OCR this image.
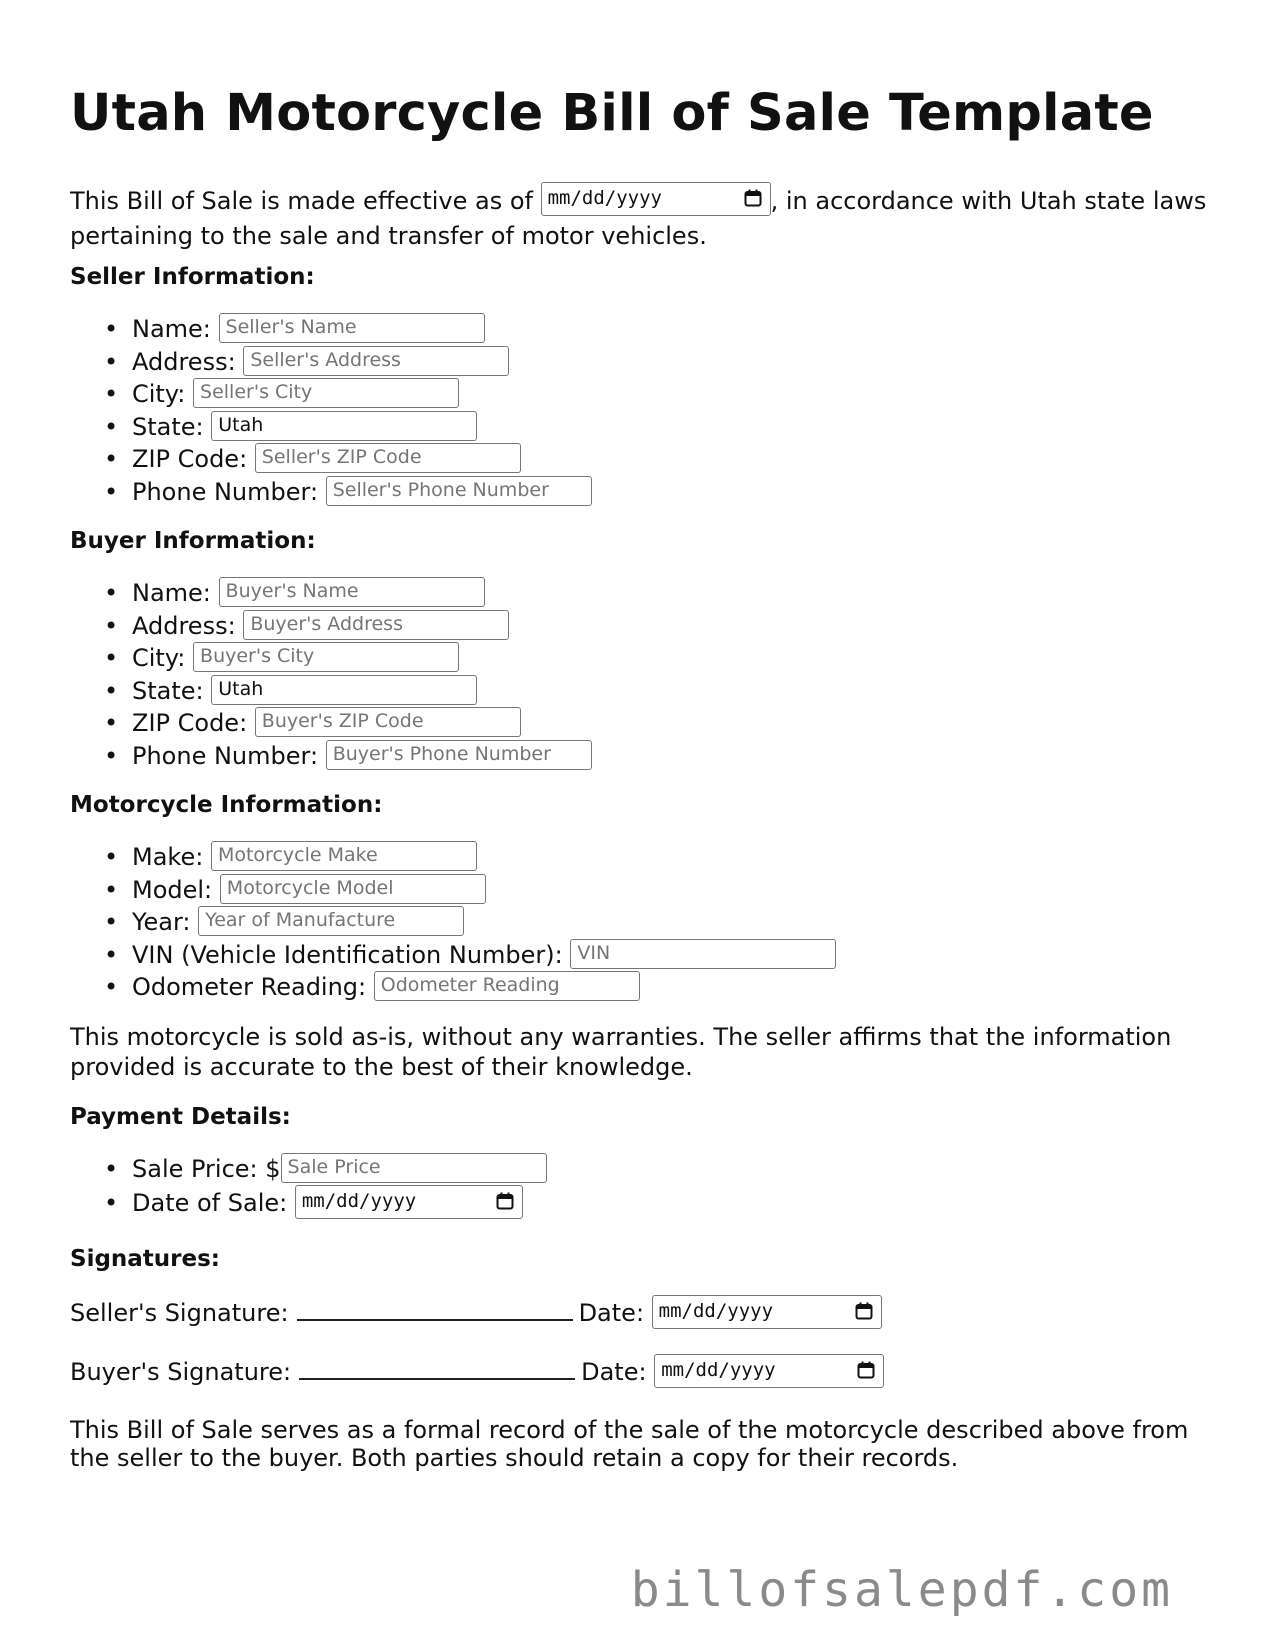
Utah Motorcycle Bill of Sale Template

This Bill of Sale is made effective as of mm/dd/yyyy	, in accordance with Utah state laws pertaining to the sale and transfer of motor vehicles.

Seller Information:
• Name: Seller's Name
• Address: Seller's Address
• City: Seller's City
• State: Utah
• ZIP Code: Seller's ZIP Code
• Phone Number: Seller's Phone Number
Buyer Information:
• Name: Buyer's Name
• Address: Buyer's Address
• City: Buyer's City
• State: Utah
• ZIP Code: Buyer's ZIP Code
• Phone Number: Buyer's Phone Number
Motorcycle Information:
• Make: Motorcycle Make
• Model: Motorcycle Model
• Year: Year of Manufacture
• VIN (Vehicle Identification Number): VIN
• Odometer Reading: Odometer Reading

This motorcycle is sold as-is, without any warranties. The seller affirms that the information provided is accurate to the best of their knowledge.

Payment Details:
• Sale Price: $ Sale Price
• Date of Sale: mm/dd/yyyy
Signatures:
Seller's Signature:	Date: mm/dd/yyyy
Buyer's Signature:	Date: mm/dd/yyyy

This Bill of Sale serves as a formal record of the sale of the motorcycle described above from the seller to the buyer. Both parties should retain a copy for their records.

billofsalepdf.com
